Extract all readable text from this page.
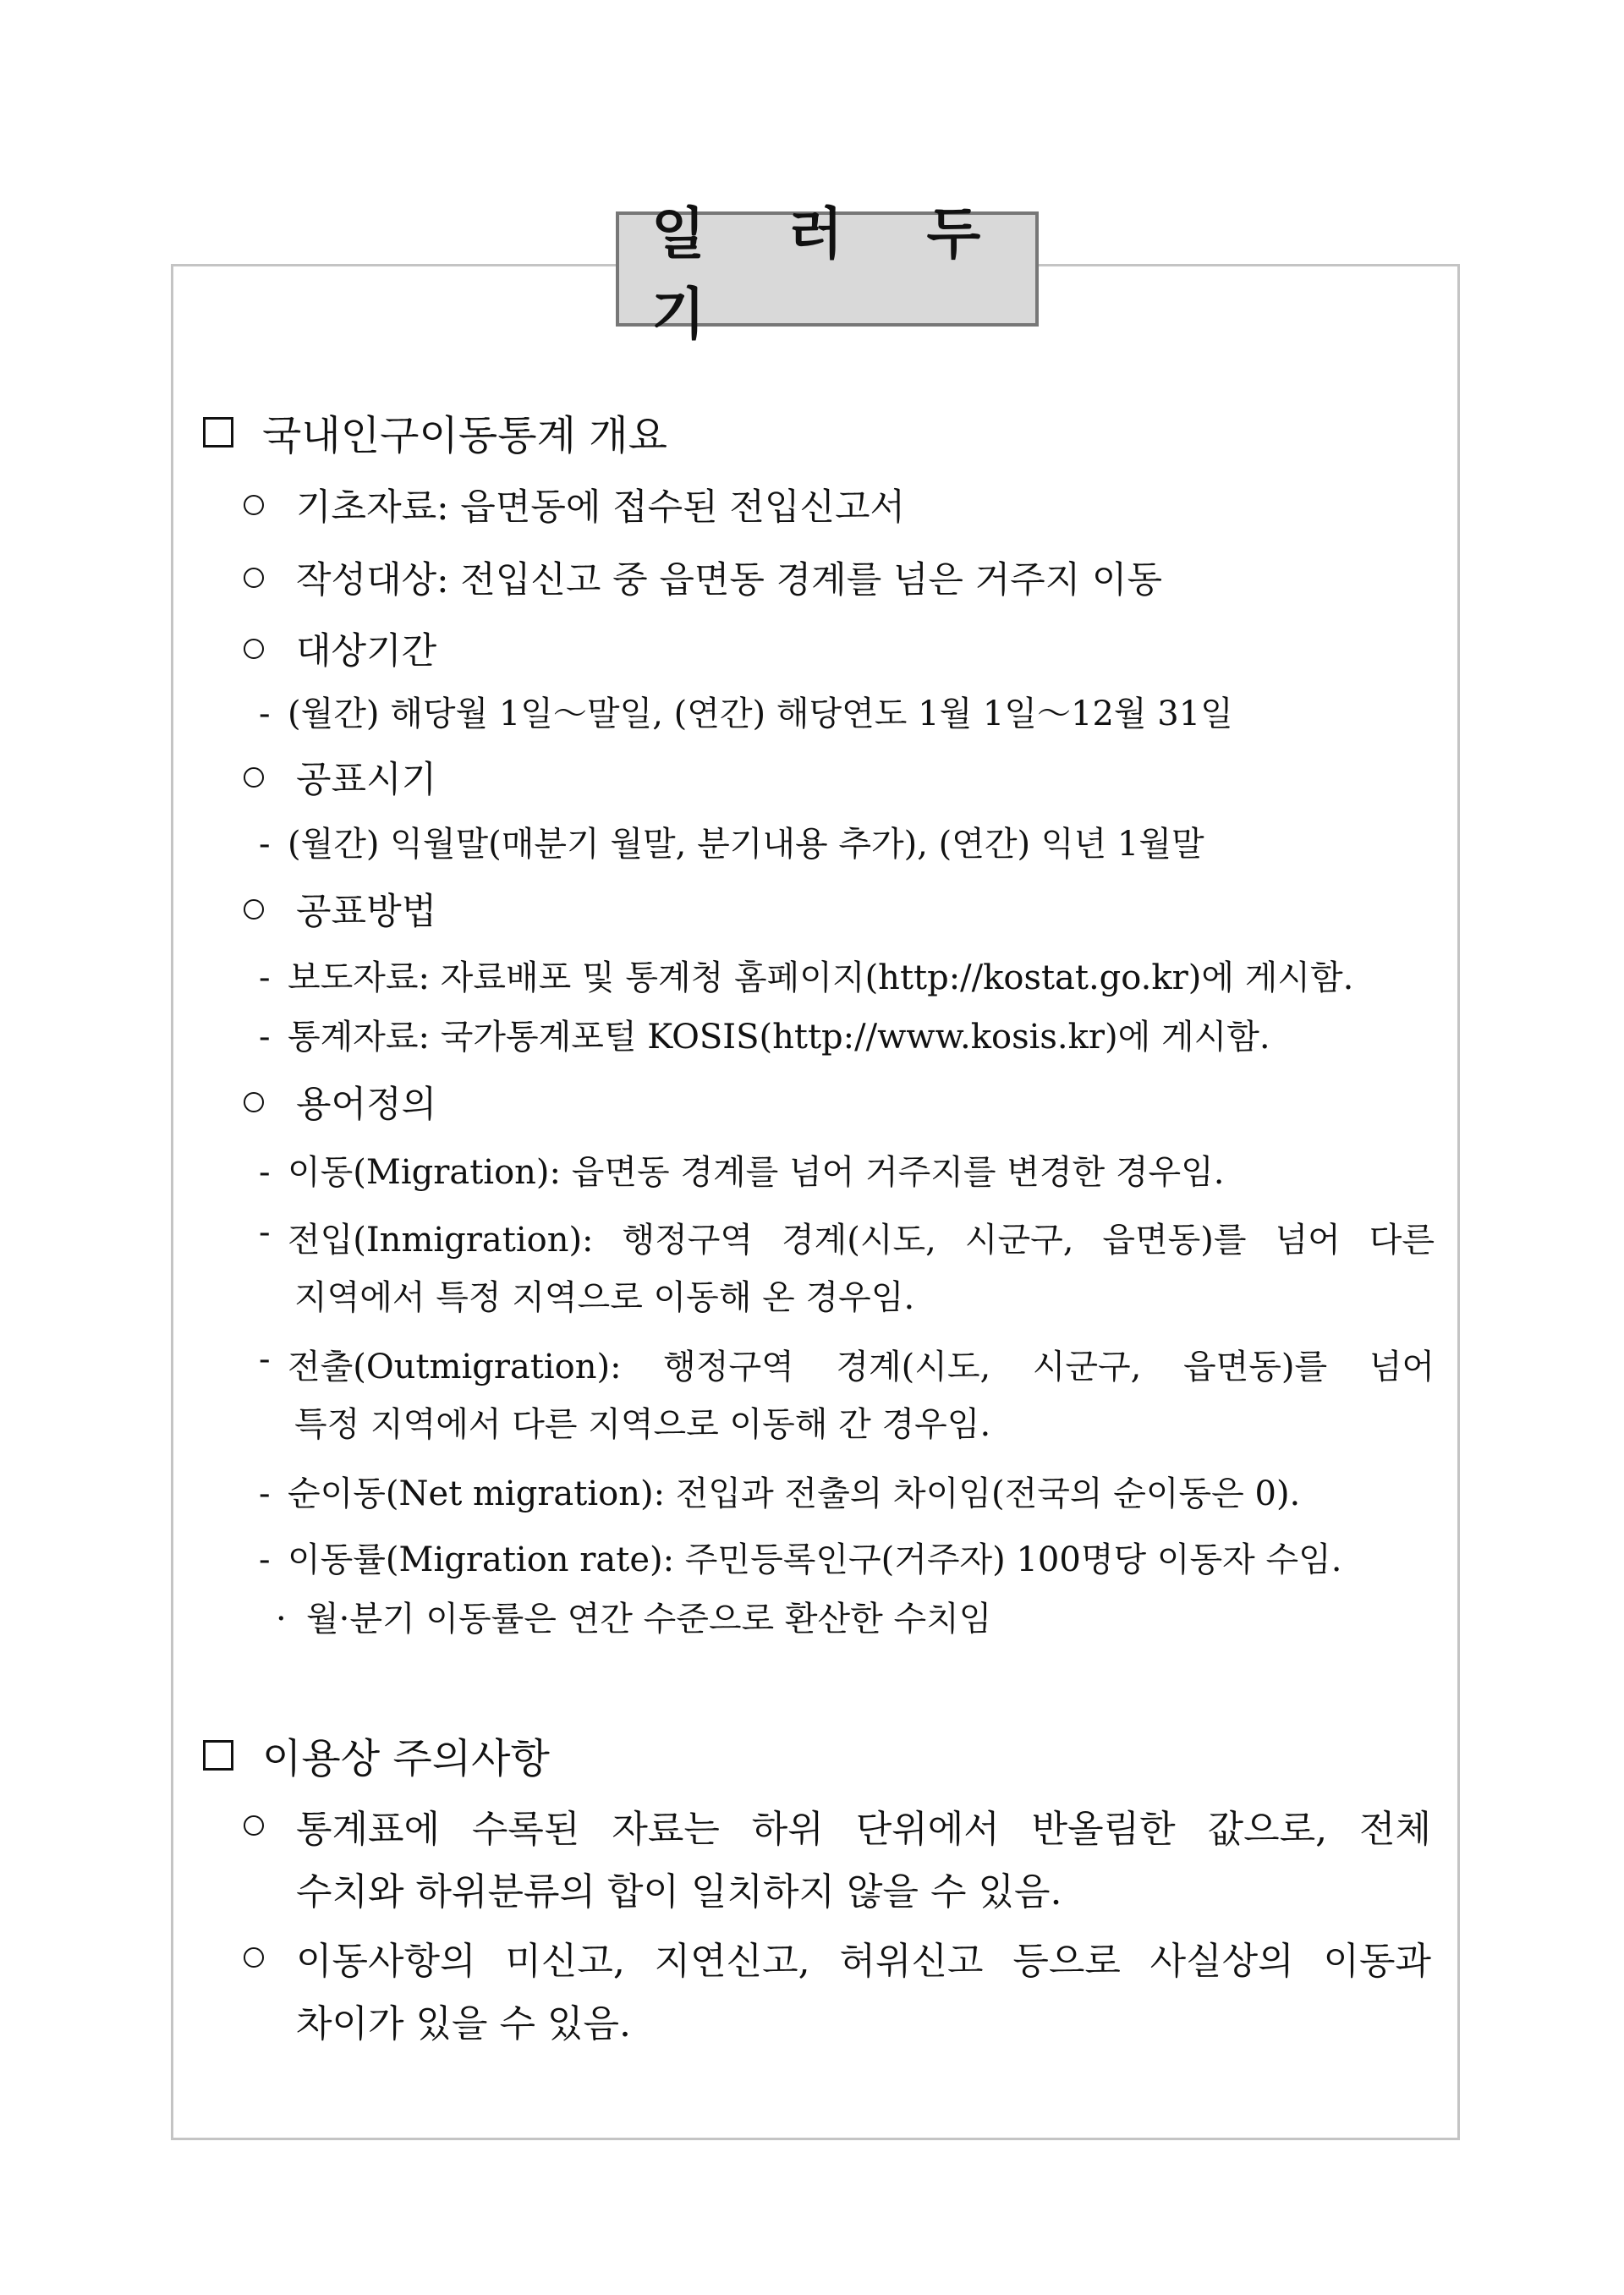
일 러 두 기
국내인구이동통계 개요
기초자료: 읍면동에 접수된 전입신고서
작성대상: 전입신고 중 읍면동 경계를 넘은 거주지 이동
대상기간
- (월간) 해당월 1일～말일, (연간) 해당연도 1월 1일～12월 31일
공표시기
- (월간) 익월말(매분기 월말, 분기내용 추가), (연간) 익년 1월말
공표방법
- 보도자료: 자료배포 및 통계청 홈페이지(http://kostat.go.kr)에 게시함.
- 통계자료: 국가통계포털 KOSIS(http://www.kosis.kr)에 게시함.
용어정의
- 이동(Migration): 읍면동 경계를 넘어 거주지를 변경한 경우임.
- 전입(Inmigration): 행정구역 경계(시도, 시군구, 읍면동)를 넘어 다른
지역에서 특정 지역으로 이동해 온 경우임.
- 전출(Outmigration): 행정구역 경계(시도, 시군구, 읍면동)를 넘어
특정 지역에서 다른 지역으로 이동해 간 경우임.
- 순이동(Net migration): 전입과 전출의 차이임(전국의 순이동은 0).
- 이동률(Migration rate): 주민등록인구(거주자) 100명당 이동자 수임.
· 월·분기 이동률은 연간 수준으로 환산한 수치임
이용상 주의사항
통계표에 수록된 자료는 하위 단위에서 반올림한 값으로, 전체
수치와 하위분류의 합이 일치하지 않을 수 있음.
이동사항의 미신고, 지연신고, 허위신고 등으로 사실상의 이동과
차이가 있을 수 있음.
